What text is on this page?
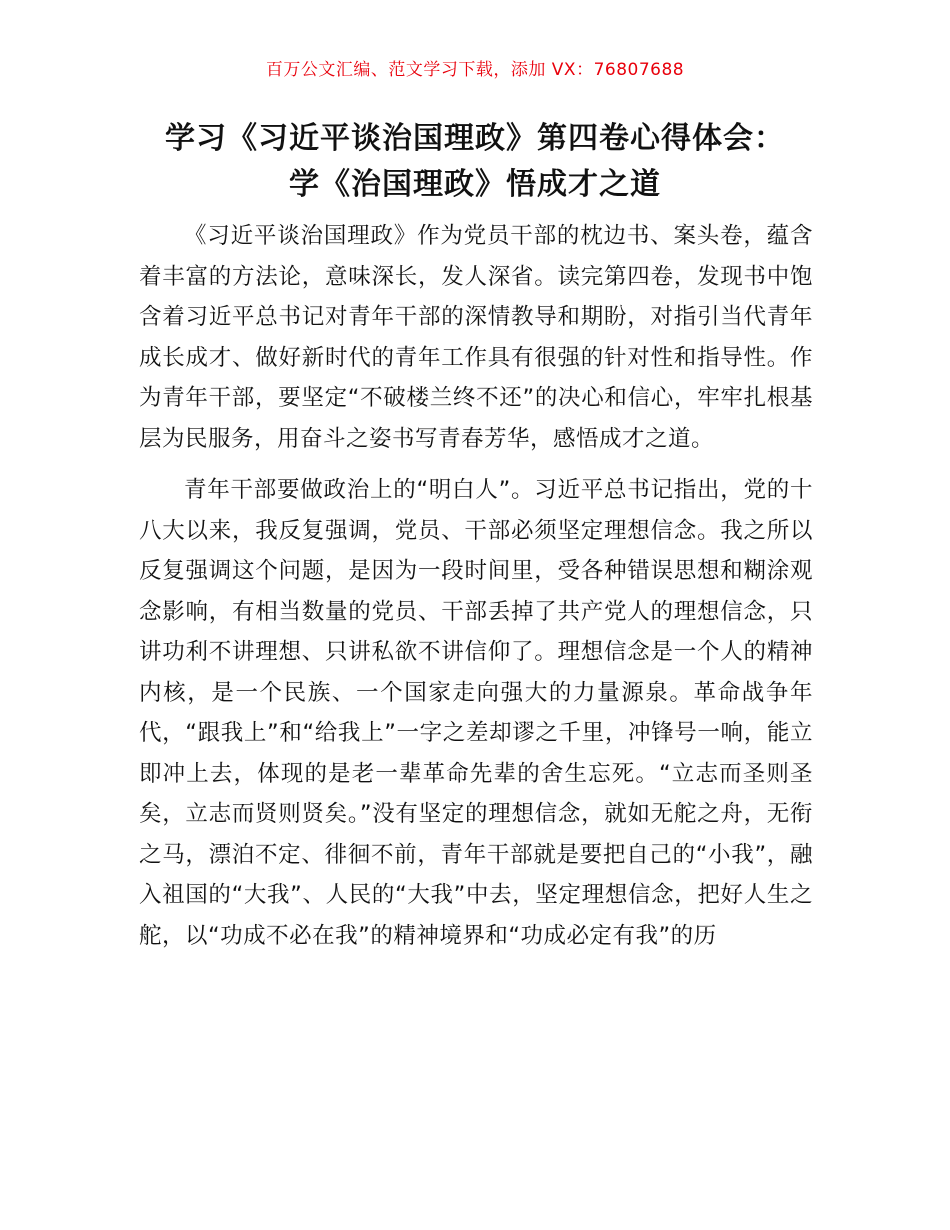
百万公文汇编、范文学习下载，添加 VX：76807688
学习《习近平谈治国理政》第四卷心得体会：
学《治国理政》悟成才之道

《习近平谈治国理政》作为党员干部的枕边书、案头卷，蕴含着丰富的方法论，意味深长，发人深省。读完第四卷，发现书中饱含着习近平总书记对青年干部的深情教导和期盼，对指引当代青年成长成才、做好新时代的青年工作具有很强的针对性和指导性。作为青年干部，要坚定“不破楼兰终不还”的决心和信心，牢牢扎根基层为民服务，用奋斗之姿书写青春芳华，感悟成才之道。

青年干部要做政治上的“明白人”。习近平总书记指出，党的十八大以来，我反复强调，党员、干部必须坚定理想信念。我之所以反复强调这个问题，是因为一段时间里，受各种错误思想和糊涂观念影响，有相当数量的党员、干部丢掉了共产党人的理想信念，只讲功利不讲理想、只讲私欲不讲信仰了。理想信念是一个人的精神内核，是一个民族、一个国家走向强大的力量源泉。革命战争年代，“跟我上”和“给我上”一字之差却谬之千里，冲锋号一响，能立即冲上去，体现的是老一辈革命先辈的舍生忘死。“立志而圣则圣矣，立志而贤则贤矣。”没有坚定的理想信念，就如无舵之舟，无衔之马，漂泊不定、徘徊不前，青年干部就是要把自己的“小我”，融入祖国的“大我”、人民的“大我”中去，坚定理想信念，把好人生之舵，以“功成不必在我”的精神境界和“功成必定有我”的历
